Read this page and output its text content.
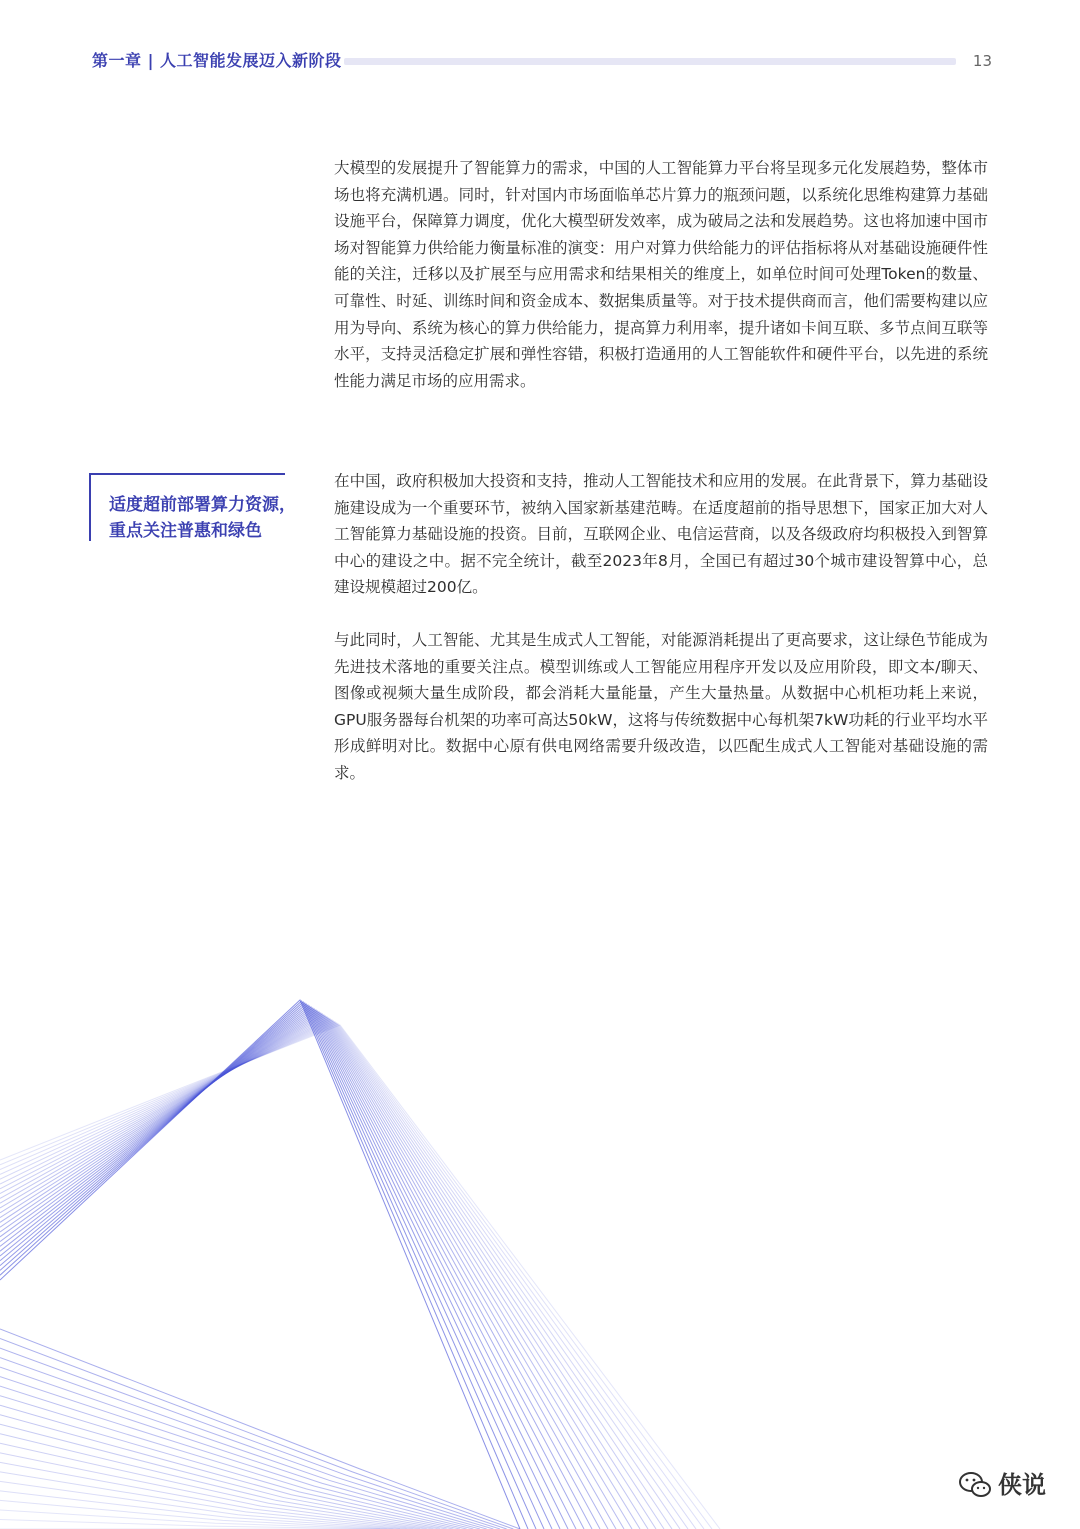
第一章 | 人工智能发展迈入新阶段	13

大模型的发展提升了智能算力的需求，中国的人工智能算力平台将呈现多元化发展趋势，整体市场也将充满机遇。同时，针对国内市场面临单芯片算力的瓶颈问题，以系统化思维构建算力基础设施平台，保障算力调度，优化大模型研发效率，成为破局之法和发展趋势。这也将加速中国市场对智能算力供给能力衡量标准的演变：用户对算力供给能力的评估指标将从对基础设施硬件性能的关注，迁移以及扩展至与应用需求和结果相关的维度上，如单位时间可处理Token的数量、可靠性、时延、训练时间和资金成本、数据集质量等。对于技术提供商而言，他们需要构建以应用为导向、系统为核心的算力供给能力，提高算力利用率，提升诸如卡间互联、多节点间互联等水平，支持灵活稳定扩展和弹性容错，积极打造通用的人工智能软件和硬件平台，以先进的系统性能力满足市场的应用需求。

适度超前部署算力资源，
重点关注普惠和绿色

在中国，政府积极加大投资和支持，推动人工智能技术和应用的发展。在此背景下，算力基础设施建设成为一个重要环节，被纳入国家新基建范畴。在适度超前的指导思想下，国家正加大对人工智能算力基础设施的投资。目前，互联网企业、电信运营商，以及各级政府均积极投入到智算中心的建设之中。据不完全统计，截至2023年8月，全国已有超过30个城市建设智算中心，总建设规模超过200亿。

与此同时，人工智能、尤其是生成式人工智能，对能源消耗提出了更高要求，这让绿色节能成为先进技术落地的重要关注点。模型训练或人工智能应用程序开发以及应用阶段，即文本/聊天、图像或视频大量生成阶段，都会消耗大量能量，产生大量热量。从数据中心机柜功耗上来说，GPU服务器每台机架的功率可高达50kW，这将与传统数据中心每机架7kW功耗的行业平均水平形成鲜明对比。数据中心原有供电网络需要升级改造，以匹配生成式人工智能对基础设施的需求。

侠说
